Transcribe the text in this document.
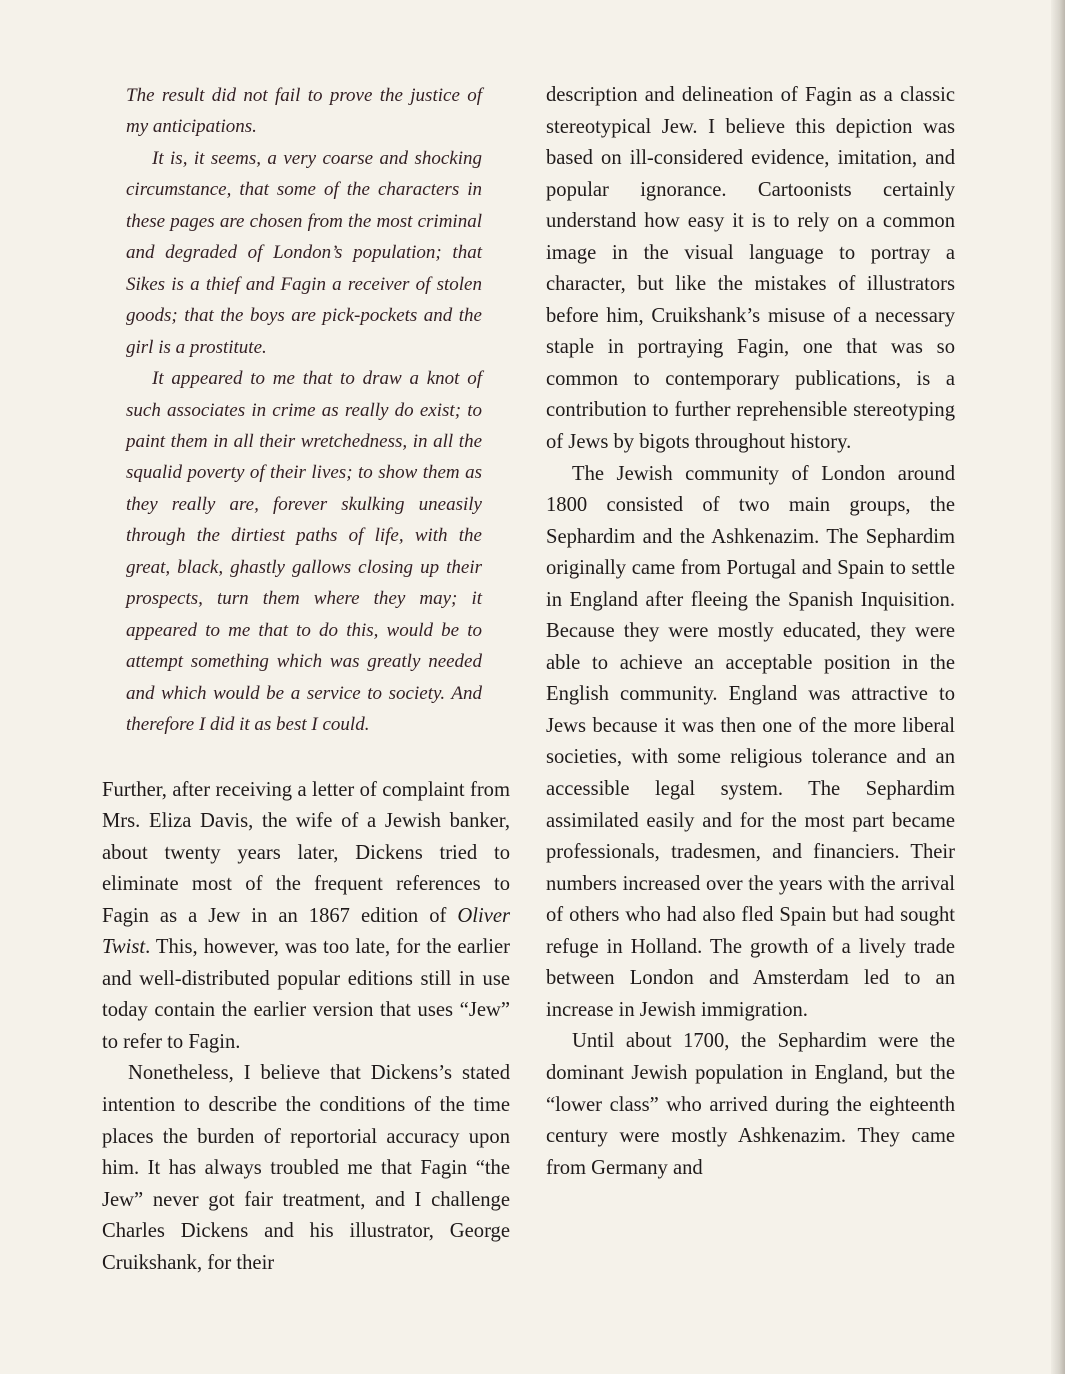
The result did not fail to prove the justice of my anticipations.

It is, it seems, a very coarse and shocking circumstance, that some of the characters in these pages are chosen from the most criminal and degraded of London’s population; that Sikes is a thief and Fagin a receiver of stolen goods; that the boys are pick-pockets and the girl is a prostitute.

It appeared to me that to draw a knot of such associates in crime as really do exist; to paint them in all their wretchedness, in all the squalid poverty of their lives; to show them as they really are, forever skulking uneasily through the dirtiest paths of life, with the great, black, ghastly gallows closing up their prospects, turn them where they may; it appeared to me that to do this, would be to attempt something which was greatly needed and which would be a service to society. And therefore I did it as best I could.

Further, after receiving a letter of complaint from Mrs. Eliza Davis, the wife of a Jewish banker, about twenty years later, Dickens tried to eliminate most of the frequent references to Fagin as a Jew in an 1867 edition of Oliver Twist. This, however, was too late, for the earlier and well-distributed popular editions still in use today contain the earlier version that uses “Jew” to refer to Fagin.

Nonetheless, I believe that Dickens’s stated intention to describe the conditions of the time places the burden of reportorial accuracy upon him. It has always troubled me that Fagin “the Jew” never got fair treatment, and I challenge Charles Dickens and his illustrator, George Cruikshank, for their

description and delineation of Fagin as a classic stereotypical Jew. I believe this depiction was based on ill-considered evidence, imitation, and popular ignorance. Cartoonists certainly understand how easy it is to rely on a common image in the visual language to portray a character, but like the mistakes of illustrators before him, Cruikshank’s misuse of a necessary staple in portraying Fagin, one that was so common to contemporary publications, is a contribution to further reprehensible stereotyping of Jews by bigots throughout history.

The Jewish community of London around 1800 consisted of two main groups, the Sephardim and the Ashkenazim. The Sephardim originally came from Portugal and Spain to settle in England after fleeing the Spanish Inquisition. Because they were mostly educated, they were able to achieve an acceptable position in the English community. England was attractive to Jews because it was then one of the more liberal societies, with some religious tolerance and an accessible legal system. The Sephardim assimilated easily and for the most part became professionals, tradesmen, and financiers. Their numbers increased over the years with the arrival of others who had also fled Spain but had sought refuge in Holland. The growth of a lively trade between London and Amsterdam led to an increase in Jewish immigration.

Until about 1700, the Sephardim were the dominant Jewish population in England, but the “lower class” who arrived during the eighteenth century were mostly Ashkenazim. They came from Germany and
